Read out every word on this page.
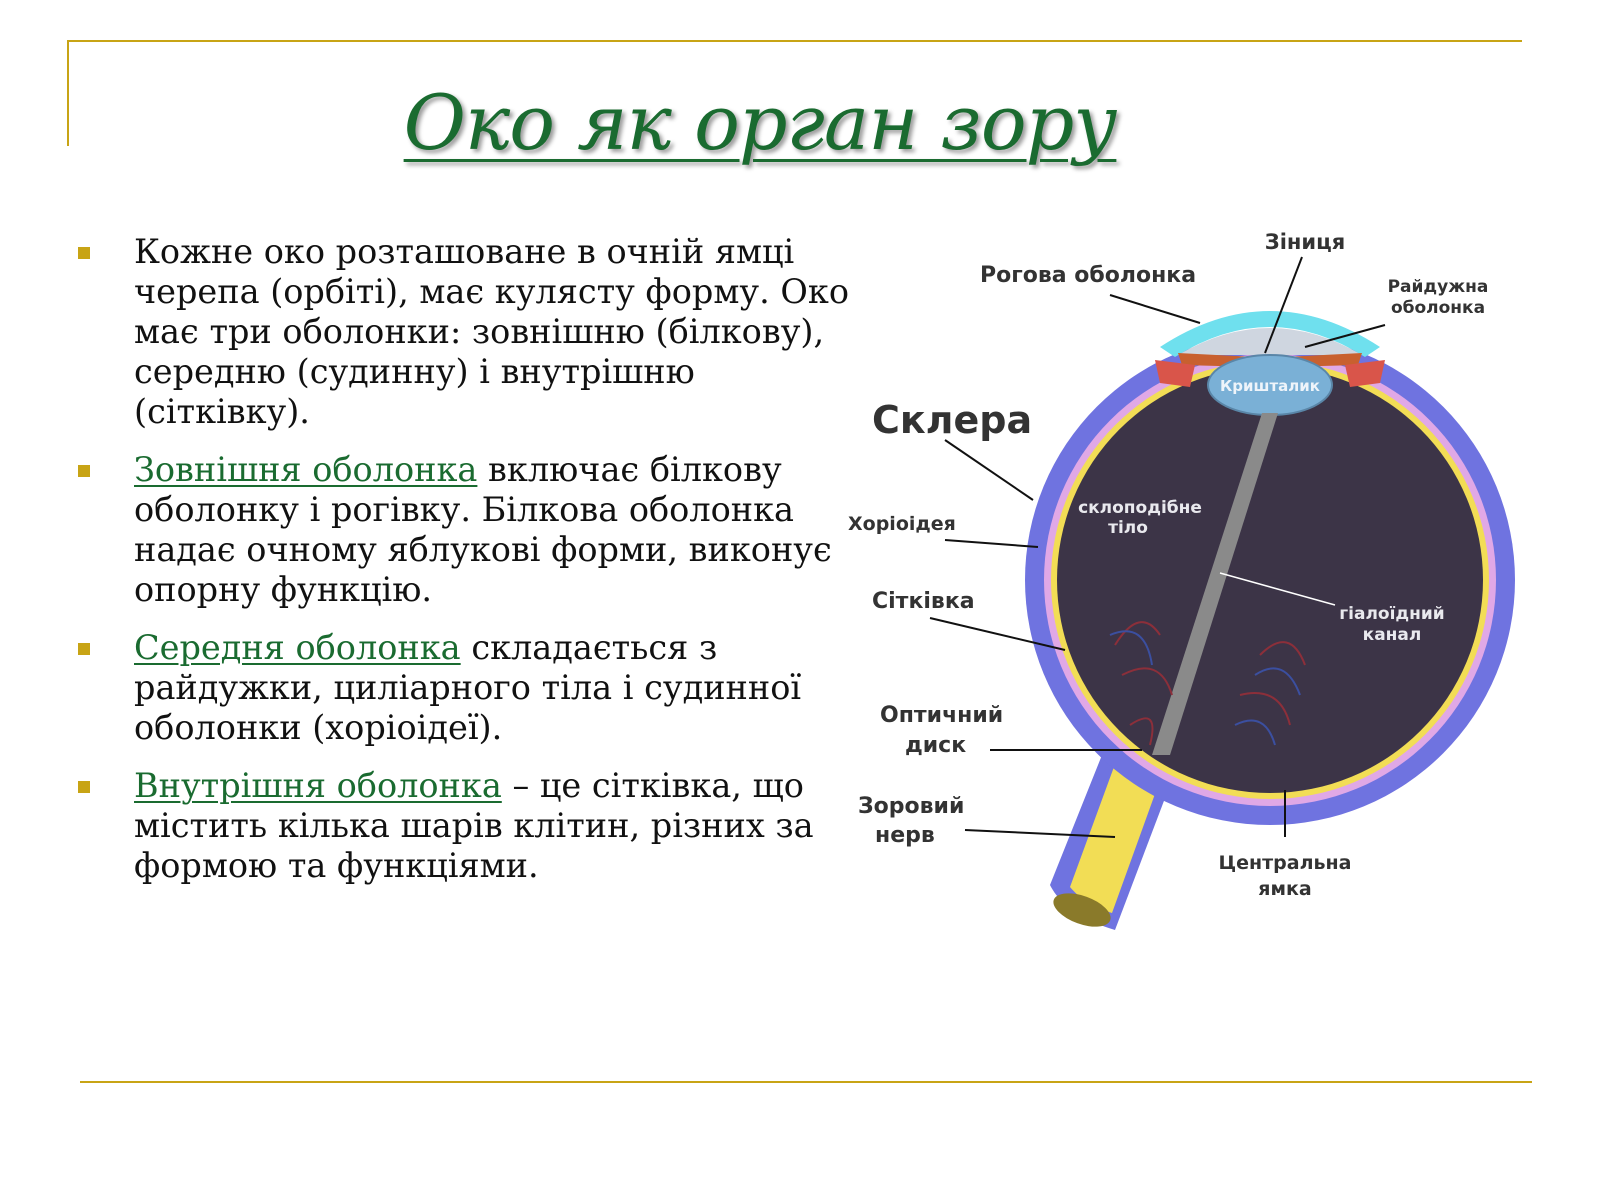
Око як орган зору
Кожне око розташоване в очній ямці черепа (орбіті), має кулясту форму. Око має три оболонки: зовнішню (білкову), середню (судинну) і внутрішню (сітківку).
Зовнішня оболонка включає білкову оболонку і рогівку. Білкова оболонка надає очному яблукові форми, виконує опорну функцію.
Середня оболонка складається з райдужки, циліарного тіла і судинної оболонки (хоріоідеї).
Внутрішня оболонка – це сітківка, що містить кілька шарів клітин, різних за формою та функціями.
Зіниця
Рогова оболонка	Райдужна
оболонка
Кришталик
Склера
склоподібне
тіло
Хоріоідея
гіалоїдний
канал
Сітківка
Оптичний
диск
Зоровий
нерв
Центральна
ямка
